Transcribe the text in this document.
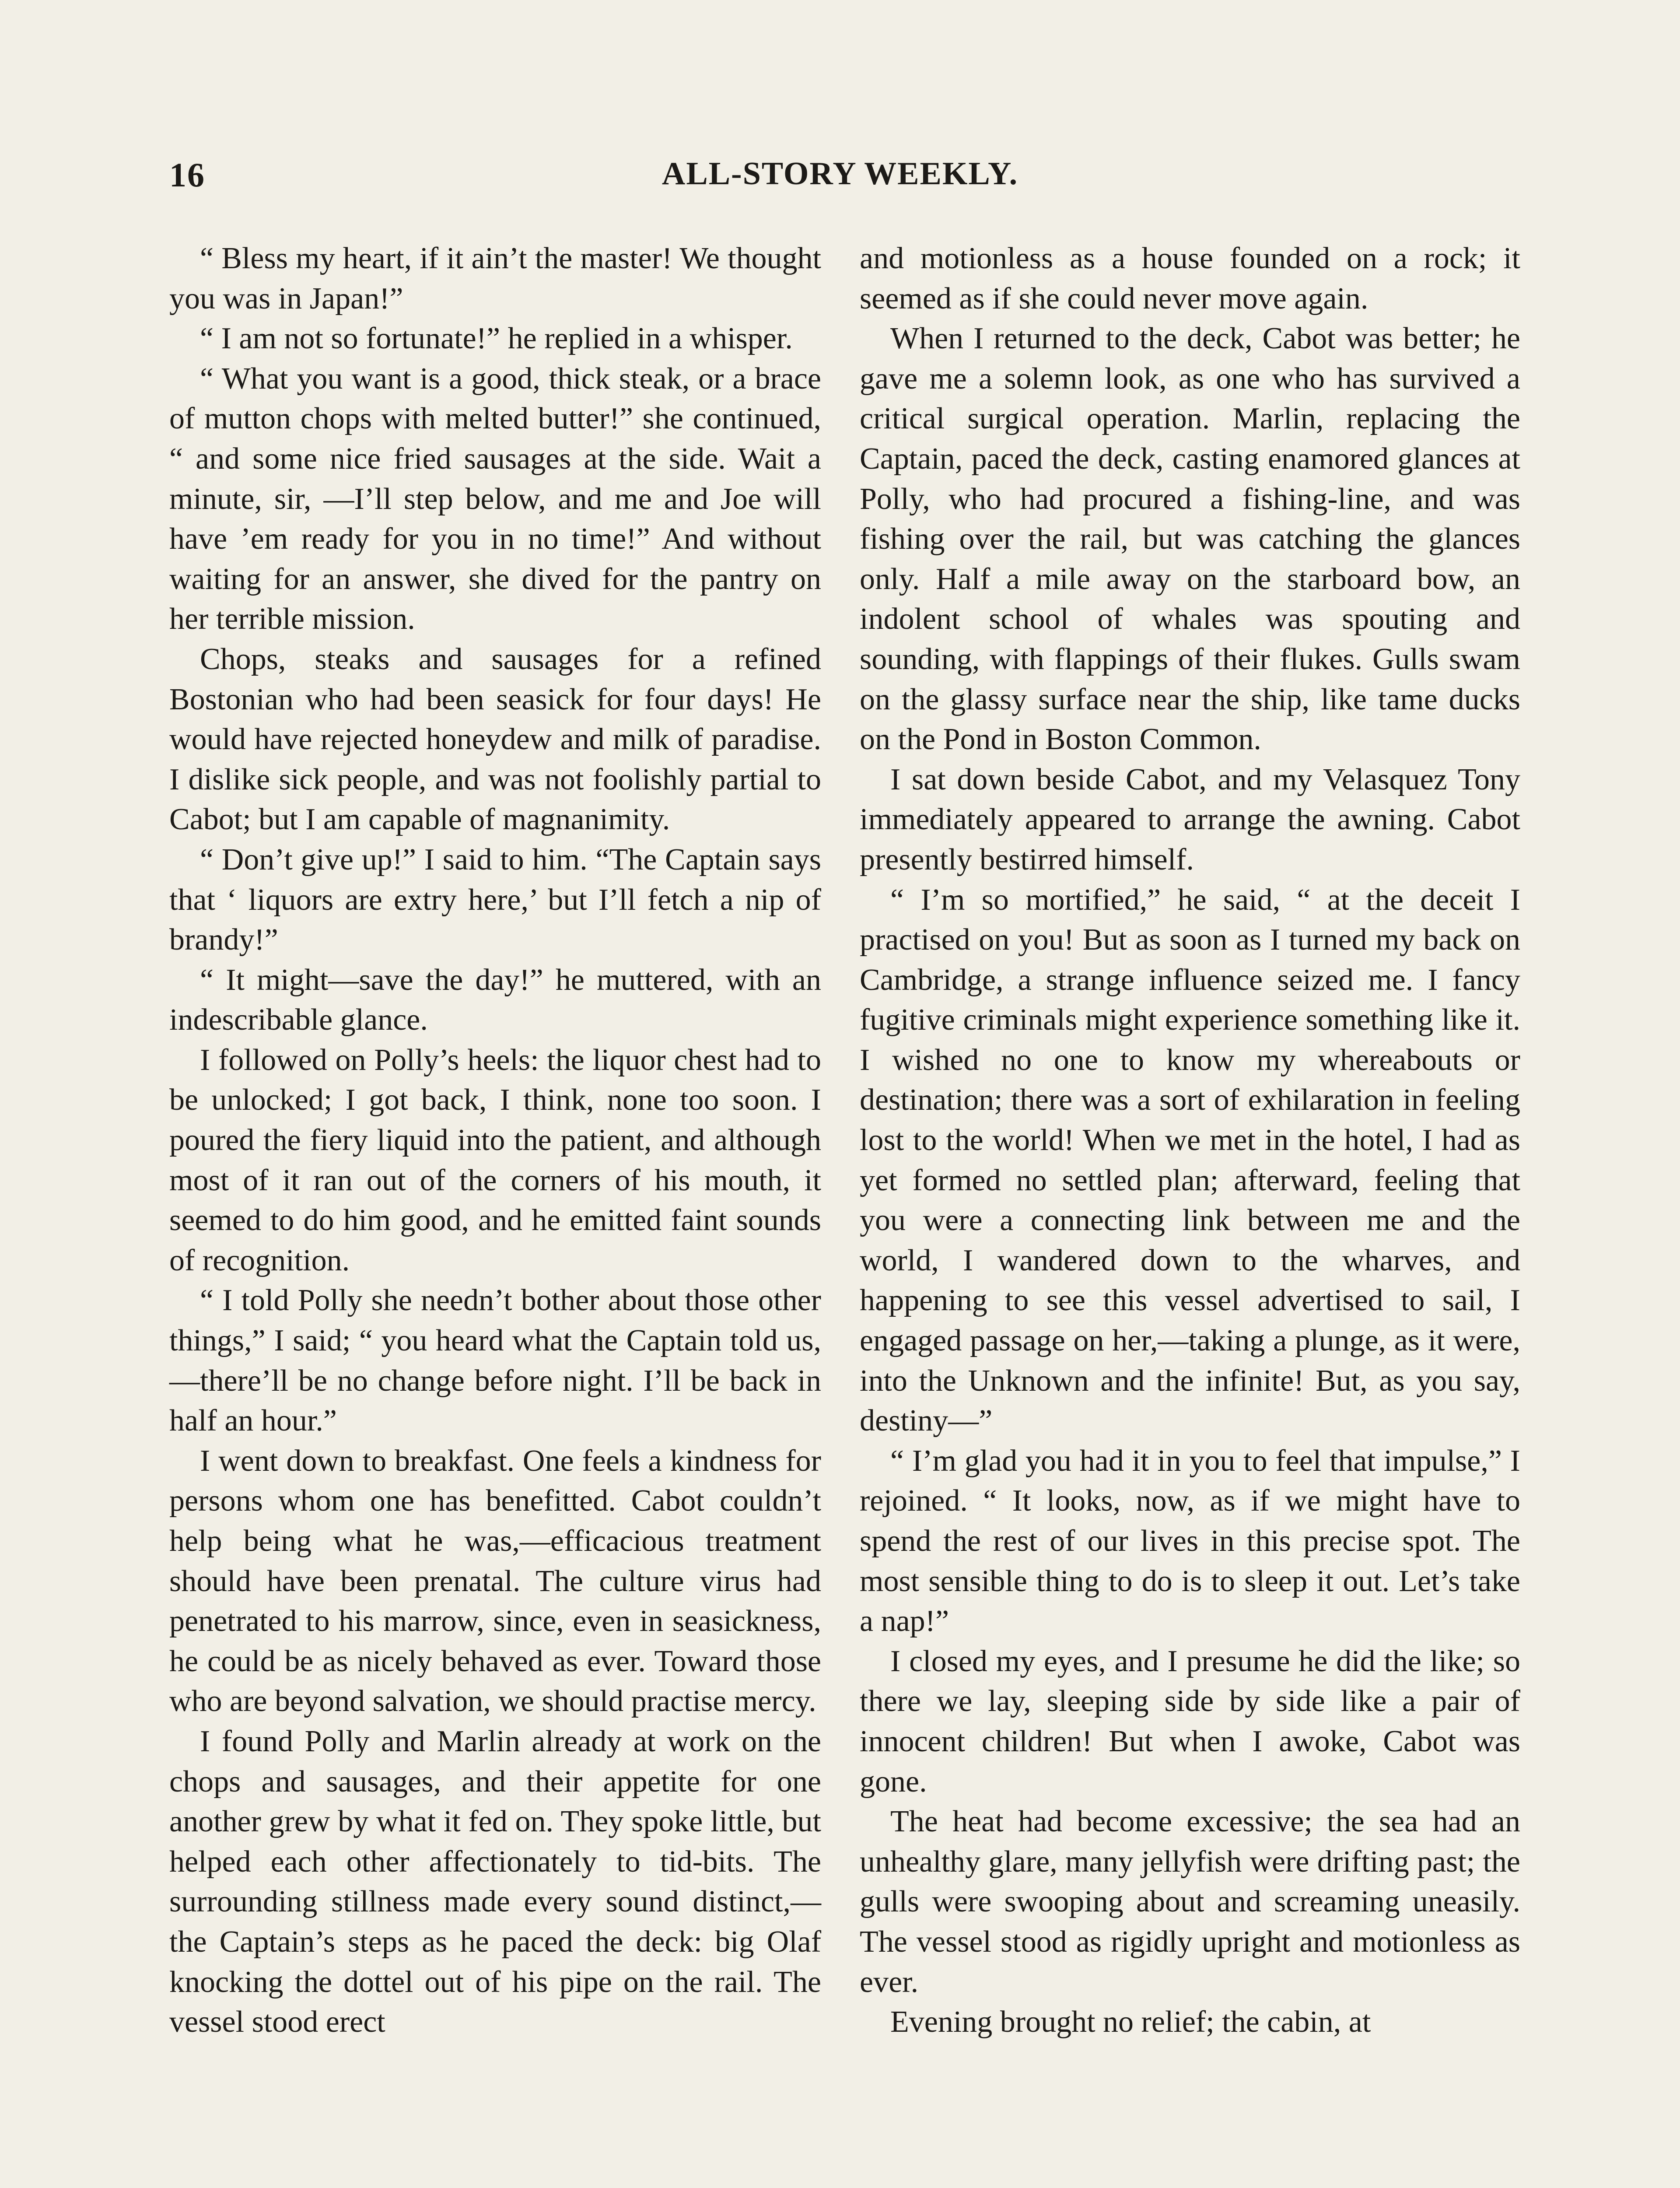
16	ALL-STORY WEEKLY.

“ Bless my heart, if it ain’t the master! We thought you was in Japan!”

“ I am not so fortunate!” he replied in a whisper.

“ What you want is a good, thick steak, or a brace of mutton chops with melted butter!” she continued, “ and some nice fried sausages at the side. Wait a minute, sir, —I’ll step below, and me and Joe will have ’em ready for you in no time!” And without waiting for an answer, she dived for the pantry on her terrible mission.

Chops, steaks and sausages for a refined Bostonian who had been seasick for four days! He would have rejected honeydew and milk of paradise. I dislike sick people, and was not foolishly partial to Cabot; but I am capable of magnanimity.

“ Don’t give up!” I said to him. “The Captain says that ‘ liquors are extry here,’ but I’ll fetch a nip of brandy!”

“ It might—save the day!” he muttered, with an indescribable glance.

I followed on Polly’s heels: the liquor chest had to be unlocked; I got back, I think, none too soon. I poured the fiery liquid into the patient, and although most of it ran out of the corners of his mouth, it seemed to do him good, and he emitted faint sounds of recognition.

“ I told Polly she needn’t bother about those other things,” I said; “ you heard what the Captain told us,—there’ll be no change before night. I’ll be back in half an hour.”

I went down to breakfast. One feels a kindness for persons whom one has benefitted. Cabot couldn’t help being what he was,—efficacious treatment should have been prenatal. The culture virus had penetrated to his marrow, since, even in seasickness, he could be as nicely behaved as ever. Toward those who are beyond salvation, we should practise mercy.

I found Polly and Marlin already at work on the chops and sausages, and their appetite for one another grew by what it fed on. They spoke little, but helped each other affectionately to tid-bits. The surrounding stillness made every sound distinct,—the Captain’s steps as he paced the deck: big Olaf knocking the dottel out of his pipe on the rail. The vessel stood erect

and motionless as a house founded on a rock; it seemed as if she could never move again.

When I returned to the deck, Cabot was better; he gave me a solemn look, as one who has survived a critical surgical operation. Marlin, replacing the Captain, paced the deck, casting enamored glances at Polly, who had procured a fishing-line, and was fishing over the rail, but was catching the glances only. Half a mile away on the starboard bow, an indolent school of whales was spouting and sounding, with flappings of their flukes. Gulls swam on the glassy surface near the ship, like tame ducks on the Pond in Boston Common.

I sat down beside Cabot, and my Velasquez Tony immediately appeared to arrange the awning. Cabot presently bestirred himself.

“ I’m so mortified,” he said, “ at the deceit I practised on you! But as soon as I turned my back on Cambridge, a strange influence seized me. I fancy fugitive criminals might experience something like it. I wished no one to know my whereabouts or destination; there was a sort of exhilaration in feeling lost to the world! When we met in the hotel, I had as yet formed no settled plan; afterward, feeling that you were a connecting link between me and the world, I wandered down to the wharves, and happening to see this vessel advertised to sail, I engaged passage on her,—taking a plunge, as it were, into the Unknown and the infinite! But, as you say, destiny—”

“ I’m glad you had it in you to feel that impulse,” I rejoined. “ It looks, now, as if we might have to spend the rest of our lives in this precise spot. The most sensible thing to do is to sleep it out. Let’s take a nap!”

I closed my eyes, and I presume he did the like; so there we lay, sleeping side by side like a pair of innocent children! But when I awoke, Cabot was gone.

The heat had become excessive; the sea had an unhealthy glare, many jellyfish were drifting past; the gulls were swooping about and screaming uneasily. The vessel stood as rigidly upright and motionless as ever.

Evening brought no relief; the cabin, at
